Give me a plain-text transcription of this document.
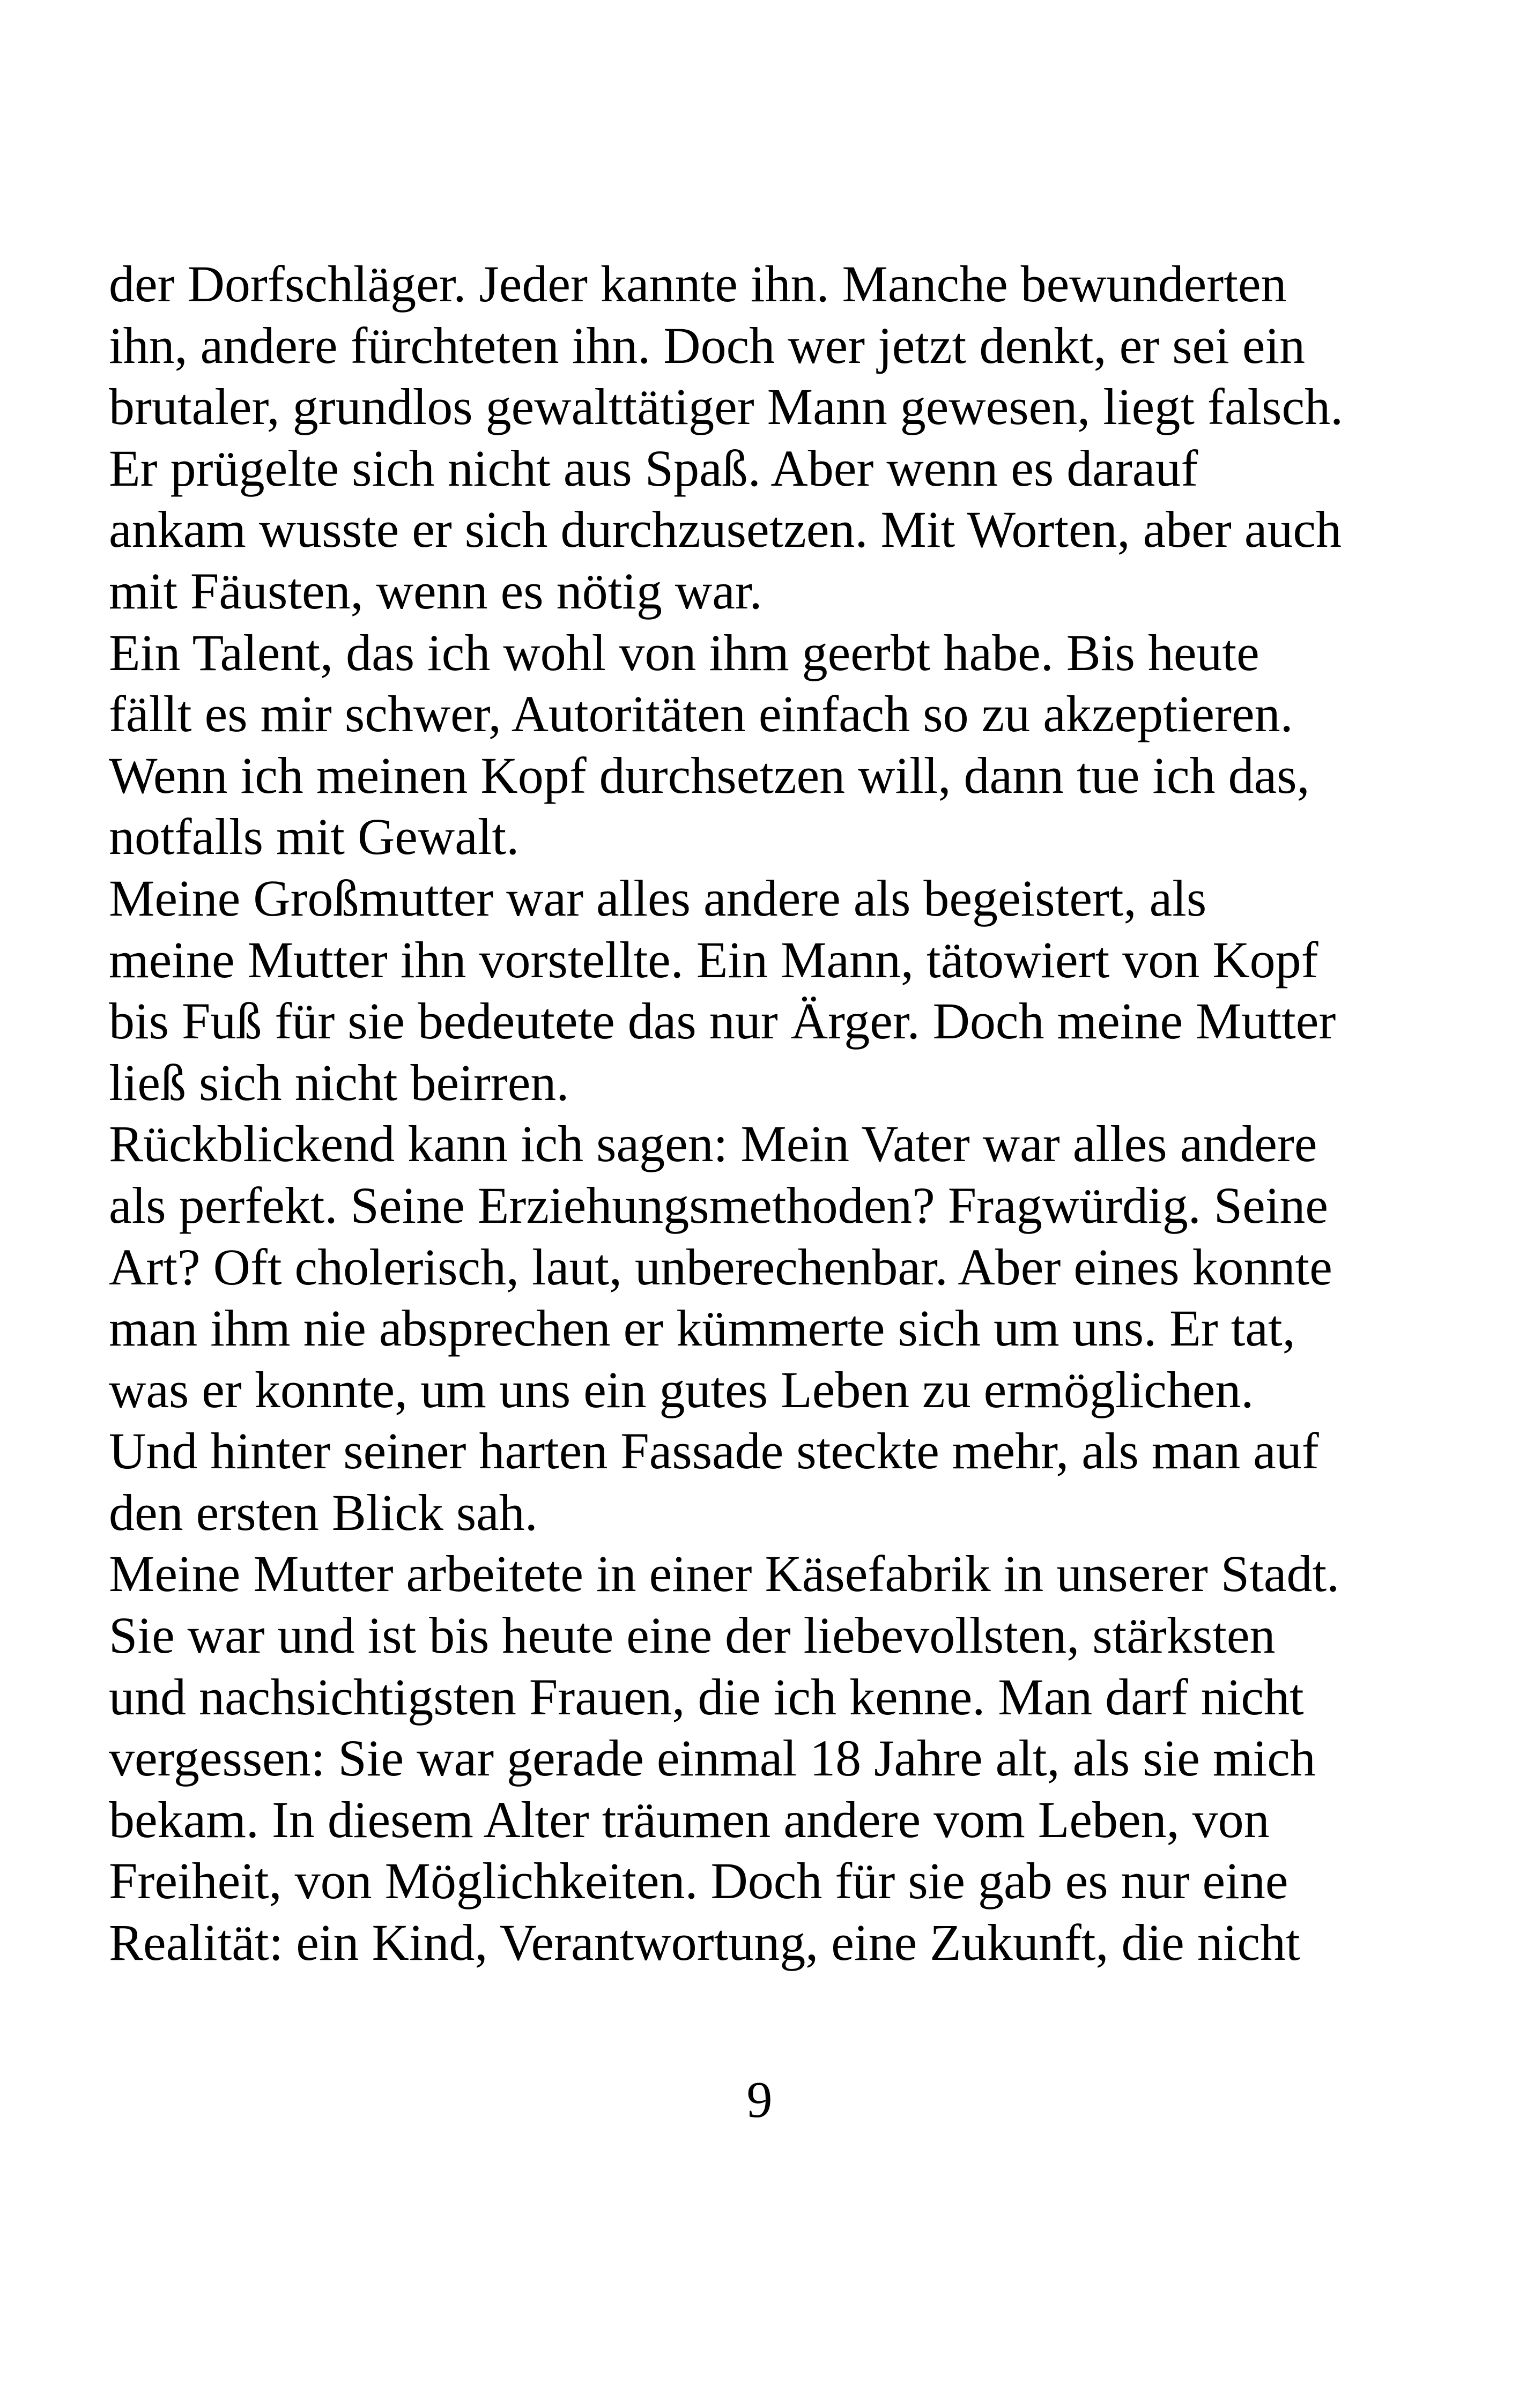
der Dorfschläger. Jeder kannte ihn. Manche bewunderten
ihn, andere fürchteten ihn. Doch wer jetzt denkt, er sei ein
brutaler, grundlos gewalttätiger Mann gewesen, liegt falsch.
Er prügelte sich nicht aus Spaß. Aber wenn es darauf
ankam wusste er sich durchzusetzen. Mit Worten, aber auch
mit Fäusten, wenn es nötig war.
Ein Talent, das ich wohl von ihm geerbt habe. Bis heute
fällt es mir schwer, Autoritäten einfach so zu akzeptieren.
Wenn ich meinen Kopf durchsetzen will, dann tue ich das,
notfalls mit Gewalt.
Meine Großmutter war alles andere als begeistert, als
meine Mutter ihn vorstellte. Ein Mann, tätowiert von Kopf
bis Fuß für sie bedeutete das nur Ärger. Doch meine Mutter
ließ sich nicht beirren.
Rückblickend kann ich sagen: Mein Vater war alles andere
als perfekt. Seine Erziehungsmethoden? Fragwürdig. Seine
Art? Oft cholerisch, laut, unberechenbar. Aber eines konnte
man ihm nie absprechen er kümmerte sich um uns. Er tat,
was er konnte, um uns ein gutes Leben zu ermöglichen.
Und hinter seiner harten Fassade steckte mehr, als man auf
den ersten Blick sah.
Meine Mutter arbeitete in einer Käsefabrik in unserer Stadt.
Sie war und ist bis heute eine der liebevollsten, stärksten
und nachsichtigsten Frauen, die ich kenne. Man darf nicht
vergessen: Sie war gerade einmal 18 Jahre alt, als sie mich
bekam. In diesem Alter träumen andere vom Leben, von
Freiheit, von Möglichkeiten. Doch für sie gab es nur eine
Realität: ein Kind, Verantwortung, eine Zukunft, die nicht
9
